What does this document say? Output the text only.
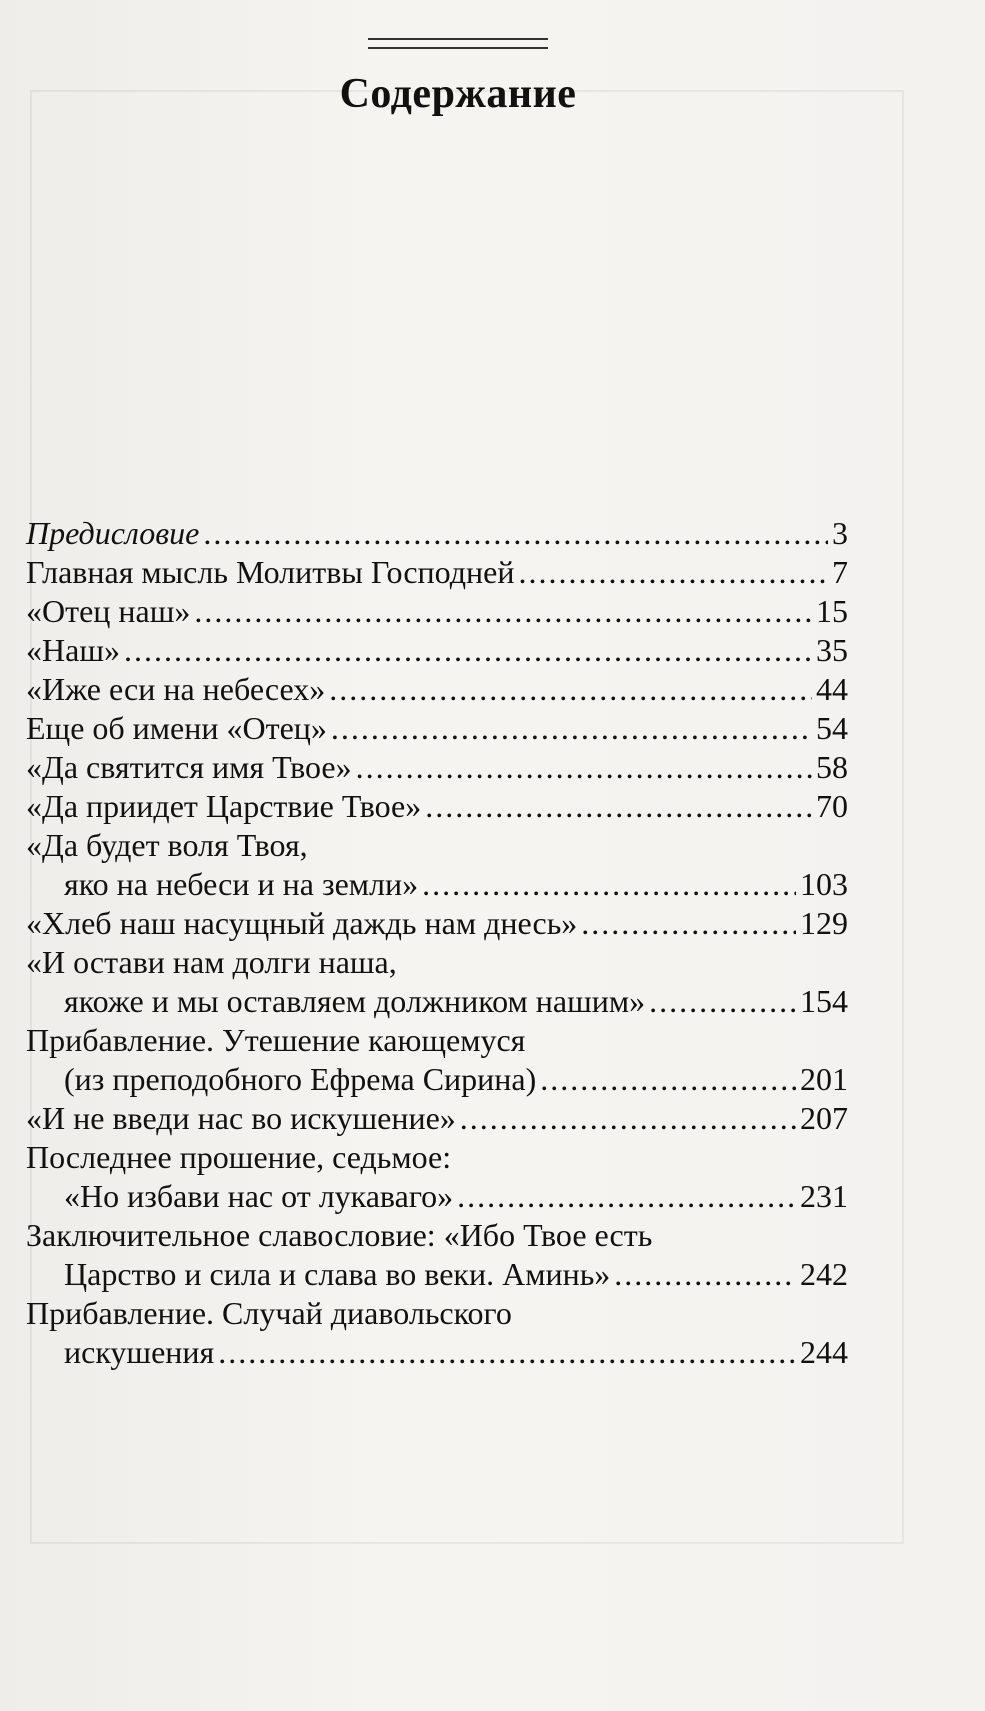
Содержание
Предисловие .....	3
Главная мысль Молитвы Господней .....	7
«Отец наш» .....	15
«Наш» .....	35
«Иже еси на небесех» .....	44
Еще об имени «Отец» .....	54
«Да святится имя Твое» .....	58
«Да приидет Царствие Твое» .....	70
«Да будет воля Твоя,
яко на небеси и на земли» .....	103
«Хлеб наш насущный даждь нам днесь» .....	129
«И остави нам долги наша,
якоже и мы оставляем должником нашим» .....	154
Прибавление. Утешение кающемуся
(из преподобного Ефрема Сирина) .....	201
«И не введи нас во искушение» .....	207
Последнее прошение, седьмое:
«Но избави нас от лукаваго» .....	231
Заключительное славословие: «Ибо Твое есть
Царство и сила и слава во веки. Аминь» .....	242
Прибавление. Случай диавольского
искушения .....	244
